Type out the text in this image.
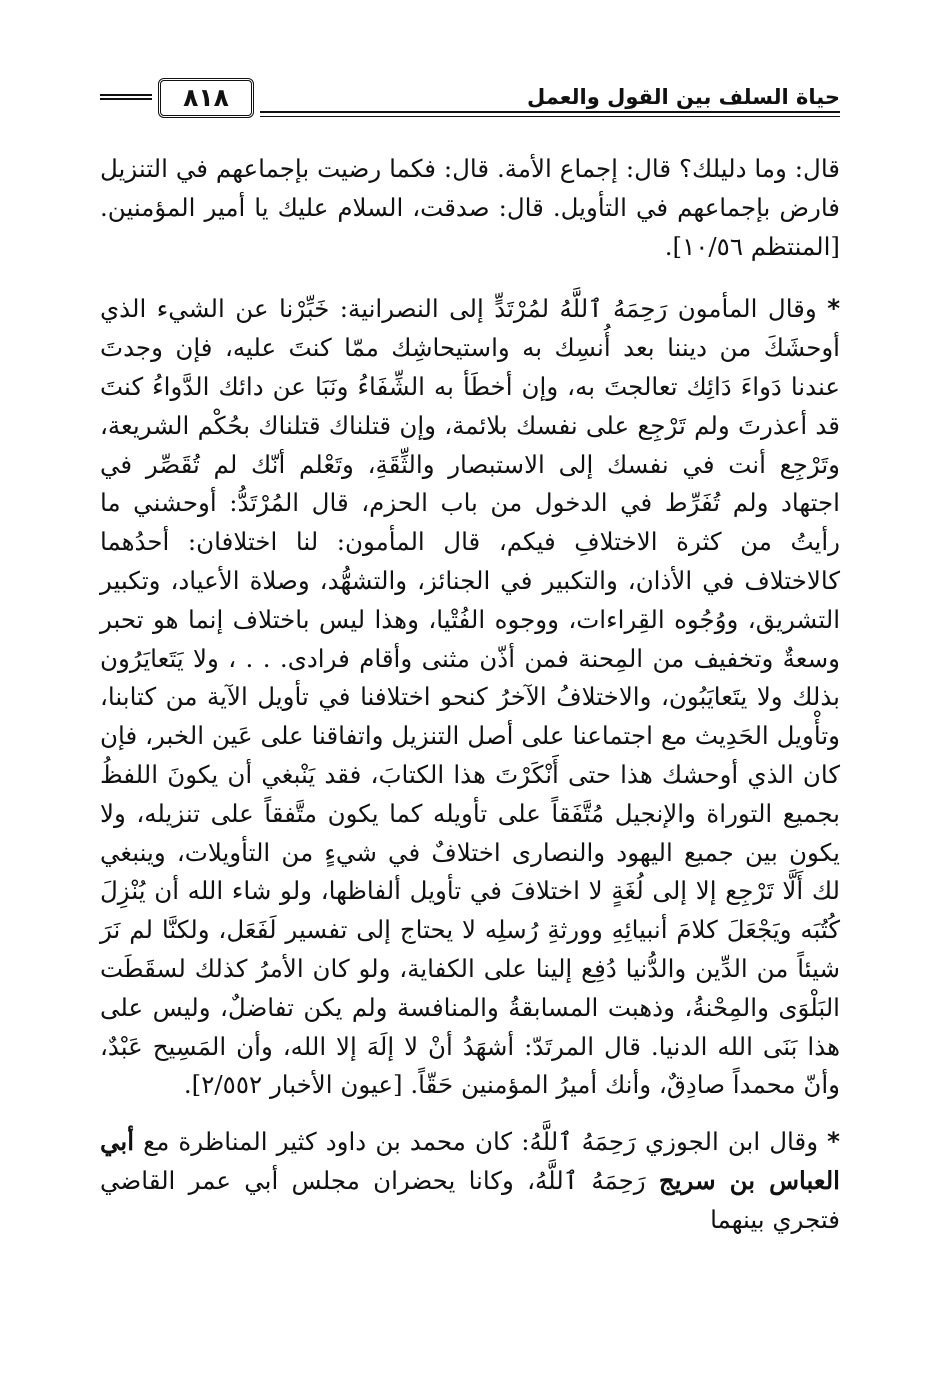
حياة السلف بين القول والعمل
٨١٨

قال: وما دليلك؟ قال: إجماع الأمة. قال: فكما رضيت بإجماعهم في التنزيل فارض بإجماعهم في التأويل. قال: صدقت، السلام عليك يا أمير المؤمنين. [المنتظم ١٠/٥٦].

* وقال المأمون رَحِمَهُ ٱللَّهُ لمُرْتَدٍّ إلى النصرانية: خَبِّرْنا عن الشيء الذي أوحشَكَ من ديننا بعد أُنسِك به واستيحاشِك ممّا كنتَ عليه، فإن وجدتَ عندنا دَواءَ دَائِك تعالجتَ به، وإن أخطَأ به الشِّفَاءُ ونَبَا عن دائك الدَّواءُ كنتَ قد أعذرتَ ولم تَرْجِع على نفسك بلائمة، وإن قتلناك قتلناك بحُكْم الشريعة، وتَرْجِع أنت في نفسك إلى الاستبصار والثِّقَةِ، وتَعْلم أنّك لم تُقَصِّر في اجتهاد ولم تُفَرِّط في الدخول من باب الحزم، قال المُرْتَدُّ: أوحشني ما رأيتُ من كثرة الاختلافِ فيكم، قال المأمون: لنا اختلافان: أحدُهما كالاختلاف في الأذان، والتكبير في الجنائز، والتشهُّد، وصلاة الأعياد، وتكبير التشريق، ووُجُوه القِراءات، ووجوه الفُتْيا، وهذا ليس باختلاف إنما هو تحبر وسعةٌ وتخفيف من المِحنة فمن أذّن مثنى وأقام فرادى. . . ، ولا يَتَعايَرُون بذلك ولا يتَعايَبُون، والاختلافُ الآخرُ كنحو اختلافنا في تأويل الآية من كتابنا، وتأْويل الحَدِيث مع اجتماعنا على أصل التنزيل واتفاقنا على عَين الخبر، فإن كان الذي أوحشك هذا حتى أَنْكَرْتَ هذا الكتابَ، فقد يَنْبغي أن يكونَ اللفظُ بجميع التوراة والإنجيل مُتَّفَقاً على تأويله كما يكون متَّفقاً على تنزيله، ولا يكون بين جميع اليهود والنصارى اختلافٌ في شيءٍ من التأويلات، وينبغي لك أَلَّا تَرْجِع إلا إلى لُغَةٍ لا اختلافَ في تأويل ألفاظها، ولو شاء الله أن يُنْزِلَ كُتُبَه ويَجْعَلَ كلامَ أنبيائِهِ وورثةِ رُسلِه لا يحتاج إلى تفسير لَفَعَل، ولكنَّا لم نَرَ شيئاً من الدِّين والدُّنيا دُفِع إلينا على الكفاية، ولو كان الأمرُ كذلك لسقَطَت البَلْوَى والمِحْنةُ، وذهبت المسابقةُ والمنافسة ولم يكن تفاضلٌ، وليس على هذا بَنَى الله الدنيا. قال المرتَدّ: أشهَدُ أنْ لا إلَهَ إلا الله، وأن المَسِيح عَبْدٌ، وأنّ محمداً صادِقٌ، وأنك أميرُ المؤمنين حَقّاً. [عيون الأخبار ٢/٥٥٢].

* وقال ابن الجوزي رَحِمَهُ ٱللَّهُ: كان محمد بن داود كثير المناظرة مع أبي العباس بن سريج رَحِمَهُ ٱللَّهُ، وكانا يحضران مجلس أبي عمر القاضي فتجري بينهما
